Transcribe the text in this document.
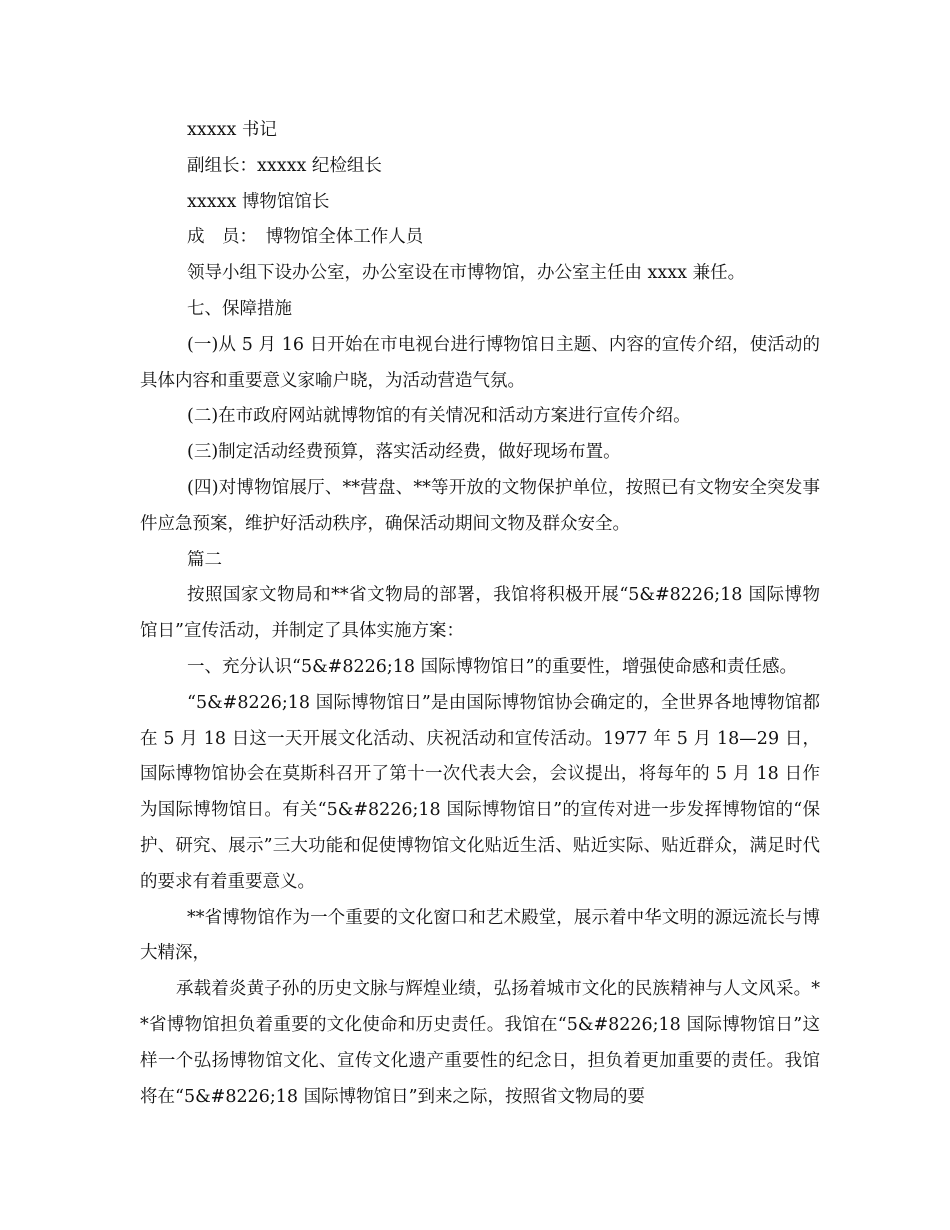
xxxxx 书记

副组长：xxxxx 纪检组长

xxxxx 博物馆馆长

成　员：　博物馆全体工作人员

领导小组下设办公室，办公室设在市博物馆，办公室主任由 xxxx 兼任。

七、保障措施

(一)从 5 月 16 日开始在市电视台进行博物馆日主题、内容的宣传介绍，使活动的具体内容和重要意义家喻户晓，为活动营造气氛。

(二)在市政府网站就博物馆的有关情况和活动方案进行宣传介绍。

(三)制定活动经费预算，落实活动经费，做好现场布置。

(四)对博物馆展厅、**营盘、**等开放的文物保护单位，按照已有文物安全突发事件应急预案，维护好活动秩序，确保活动期间文物及群众安全。

篇二

按照国家文物局和**省文物局的部署，我馆将积极开展“5&#8226;18 国际博物馆日”宣传活动，并制定了具体实施方案：

一、充分认识“5&#8226;18 国际博物馆日”的重要性，增强使命感和责任感。

“5&#8226;18 国际博物馆日”是由国际博物馆协会确定的，全世界各地博物馆都在 5 月 18 日这一天开展文化活动、庆祝活动和宣传活动。1977 年 5 月 18—29 日，国际博物馆协会在莫斯科召开了第十一次代表大会，会议提出，将每年的 5 月 18 日作为国际博物馆日。有关“5&#8226;18 国际博物馆日”的宣传对进一步发挥博物馆的“保护、研究、展示”三大功能和促使博物馆文化贴近生活、贴近实际、贴近群众，满足时代的要求有着重要意义。

**省博物馆作为一个重要的文化窗口和艺术殿堂，展示着中华文明的源远流长与博大精深，

承载着炎黄子孙的历史文脉与辉煌业绩，弘扬着城市文化的民族精神与人文风采。**省博物馆担负着重要的文化使命和历史责任。我馆在“5&#8226;18 国际博物馆日”这样一个弘扬博物馆文化、宣传文化遗产重要性的纪念日，担负着更加重要的责任。我馆将在“5&#8226;18 国际博物馆日”到来之际，按照省文物局的要
